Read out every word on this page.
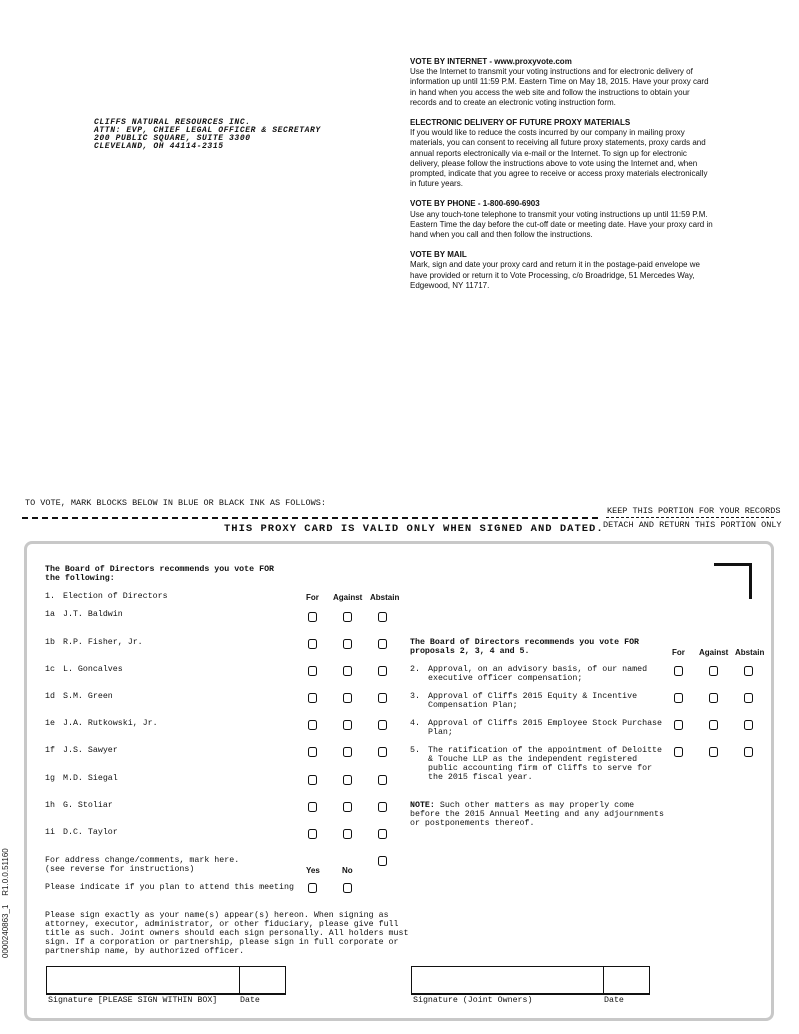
CLIFFS NATURAL RESOURCES INC.
ATTN: EVP, CHIEF LEGAL OFFICER & SECRETARY
200 PUBLIC SQUARE, SUITE 3300
CLEVELAND, OH 44114-2315

VOTE BY INTERNET - www.proxyvote.com
Use the Internet to transmit your voting instructions and for electronic delivery of information up until 11:59 P.M. Eastern Time on May 18, 2015. Have your proxy card in hand when you access the web site and follow the instructions to obtain your records and to create an electronic voting instruction form.

ELECTRONIC DELIVERY OF FUTURE PROXY MATERIALS
If you would like to reduce the costs incurred by our company in mailing proxy materials, you can consent to receiving all future proxy statements, proxy cards and annual reports electronically via e-mail or the Internet. To sign up for electronic delivery, please follow the instructions above to vote using the Internet and, when prompted, indicate that you agree to receive or access proxy materials electronically in future years.

VOTE BY PHONE - 1-800-690-6903
Use any touch-tone telephone to transmit your voting instructions up until 11:59 P.M. Eastern Time the day before the cut-off date or meeting date. Have your proxy card in hand when you call and then follow the instructions.

VOTE BY MAIL
Mark, sign and date your proxy card and return it in the postage-paid envelope we have provided or return it to Vote Processing, c/o Broadridge, 51 Mercedes Way, Edgewood, NY 11717.

TO VOTE, MARK BLOCKS BELOW IN BLUE OR BLACK INK AS FOLLOWS:
KEEP THIS PORTION FOR YOUR RECORDS
DETACH AND RETURN THIS PORTION ONLY
THIS PROXY CARD IS VALID ONLY WHEN SIGNED AND DATED.
The Board of Directors recommends you vote FOR
the following:
1. Election of Directors	For Against Abstain
1a J.T. Baldwin
1b R.P. Fisher, Jr.
1c L. Goncalves
1d S.M. Green
1e J.A. Rutkowski, Jr.
1f J.S. Sawyer
1g M.D. Siegal
1h G. Stoliar
1i D.C. Taylor
For address change/comments, mark here.
(see reverse for instructions)	Yes	No
Please indicate if you plan to attend this meeting
Please sign exactly as your name(s) appear(s) hereon. When signing as
attorney, executor, administrator, or other fiduciary, please give full
title as such. Joint owners should each sign personally. All holders must
sign. If a corporation or partnership, please sign in full corporate or
partnership name, by authorized officer.
Signature [PLEASE SIGN WITHIN BOX]	Date
The Board of Directors recommends you vote FOR
proposals 2, 3, 4 and 5.	For Against Abstain
2. Approval, on an advisory basis, of our named
executive officer compensation;
3. Approval of Cliffs 2015 Equity & Incentive
Compensation Plan;
4. Approval of Cliffs 2015 Employee Stock Purchase
Plan;
5. The ratification of the appointment of Deloitte
& Touche LLP as the independent registered
public accounting firm of Cliffs to serve for
the 2015 fiscal year.
NOTE: Such other matters as may properly come
before the 2015 Annual Meeting and any adjournments
or postponements thereof.
Signature (Joint Owners)	Date
0000240863_1    R1.0.0.51160
